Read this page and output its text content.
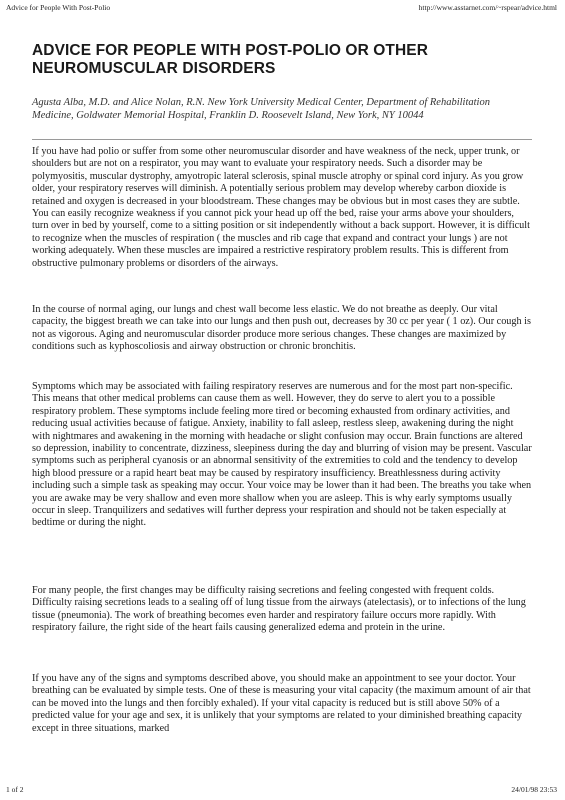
Advice for People With Post-Polio	http://www.asstarnet.com/~rspear/advice.html
ADVICE FOR PEOPLE WITH POST-POLIO OR OTHER NEUROMUSCULAR DISORDERS

Agusta Alba, M.D. and Alice Nolan, R.N. New York University Medical Center, Department of Rehabilitation Medicine, Goldwater Memorial Hospital, Franklin D. Roosevelt Island, New York, NY 10044

If you have had polio or suffer from some other neuromuscular disorder and have weakness of the neck, upper trunk, or shoulders but are not on a respirator, you may want to evaluate your respiratory needs. Such a disorder may be polymyositis, muscular dystrophy, amyotropic lateral sclerosis, spinal muscle atrophy or spinal cord injury. As you grow older, your respiratory reserves will diminish. A potentially serious problem may develop whereby carbon dioxide is retained and oxygen is decreased in your bloodstream. These changes may be obvious but in most cases they are subtle. You can easily recognize weakness if you cannot pick your head up off the bed, raise your arms above your shoulders, turn over in bed by yourself, come to a sitting position or sit independently without a back support. However, it is difficult to recognize when the muscles of respiration ( the muscles and rib cage that expand and contract your lungs ) are not working adequately. When these muscles are impaired a restrictive respiratory problem results. This is different from obstructive pulmonary problems or disorders of the airways.

In the course of normal aging, our lungs and chest wall become less elastic. We do not breathe as deeply. Our vital capacity, the biggest breath we can take into our lungs and then push out, decreases by 30 cc per year ( 1 oz). Our cough is not as vigorous. Aging and neuromuscular disorder produce more serious changes. These changes are maximized by conditions such as kyphoscoliosis and airway obstruction or chronic bronchitis.

Symptoms which may be associated with failing respiratory reserves are numerous and for the most part non-specific. This means that other medical problems can cause them as well. However, they do serve to alert you to a possible respiratory problem. These symptoms include feeling more tired or becoming exhausted from ordinary activities, and reducing usual activities because of fatigue. Anxiety, inability to fall asleep, restless sleep, awakening during the night with nightmares and awakening in the morning with headache or slight confusion may occur. Brain functions are altered so depression, inability to concentrate, dizziness, sleepiness during the day and blurring of vision may be present. Vascular symptoms such as peripheral cyanosis or an abnormal sensitivity of the extremities to cold and the tendency to develop high blood pressure or a rapid heart beat may be caused by respiratory insufficiency. Breathlessness during activity including such a simple task as speaking may occur. Your voice may be lower than it had been. The breaths you take when you are awake may be very shallow and even more shallow when you are asleep. This is why early symptoms usually occur in sleep. Tranquilizers and sedatives will further depress your respiration and should not be taken especially at bedtime or during the night.

For many people, the first changes may be difficulty raising secretions and feeling congested with frequent colds. Difficulty raising secretions leads to a sealing off of lung tissue from the airways (atelectasis), or to infections of the lung tissue (pneumonia). The work of breathing becomes even harder and respiratory failure occurs more rapidly. With respiratory failure, the right side of the heart fails causing generalized edema and protein in the urine.

If you have any of the signs and symptoms described above, you should make an appointment to see your doctor. Your breathing can be evaluated by simple tests. One of these is measuring your vital capacity (the maximum amount of air that can be moved into the lungs and then forcibly exhaled). If your vital capacity is reduced but is still above 50% of a predicted value for your age and sex, it is unlikely that your symptoms are related to your diminished breathing capacity except in three situations, marked

1 of 2	24/01/98 23:53
